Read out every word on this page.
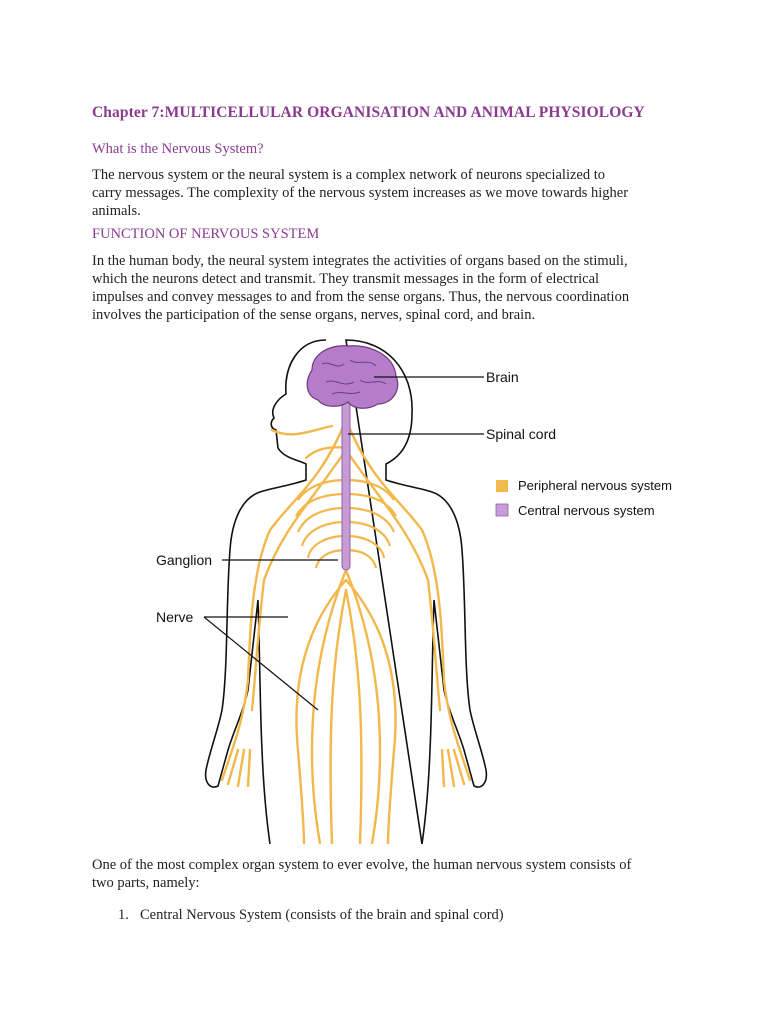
Chapter 7:MULTICELLULAR ORGANISATION AND ANIMAL PHYSIOLOGY
What is the Nervous System?
The nervous system or the neural system is a complex network of neurons specialized to
carry messages. The complexity of the nervous system increases as we move towards higher
animals.
FUNCTION OF NERVOUS SYSTEM
In the human body, the neural system integrates the activities of organs based on the stimuli,
which the neurons detect and transmit. They transmit messages in the form of electrical
impulses and convey messages to and from the sense organs. Thus, the nervous coordination
involves the participation of the sense organs, nerves, spinal cord, and brain.
Brain
Spinal cord
Ganglion
Nerve
Peripheral nervous system
Central nervous system
One of the most complex organ system to ever evolve, the human nervous system consists of
two parts, namely:
1. Central Nervous System (consists of the brain and spinal cord)
